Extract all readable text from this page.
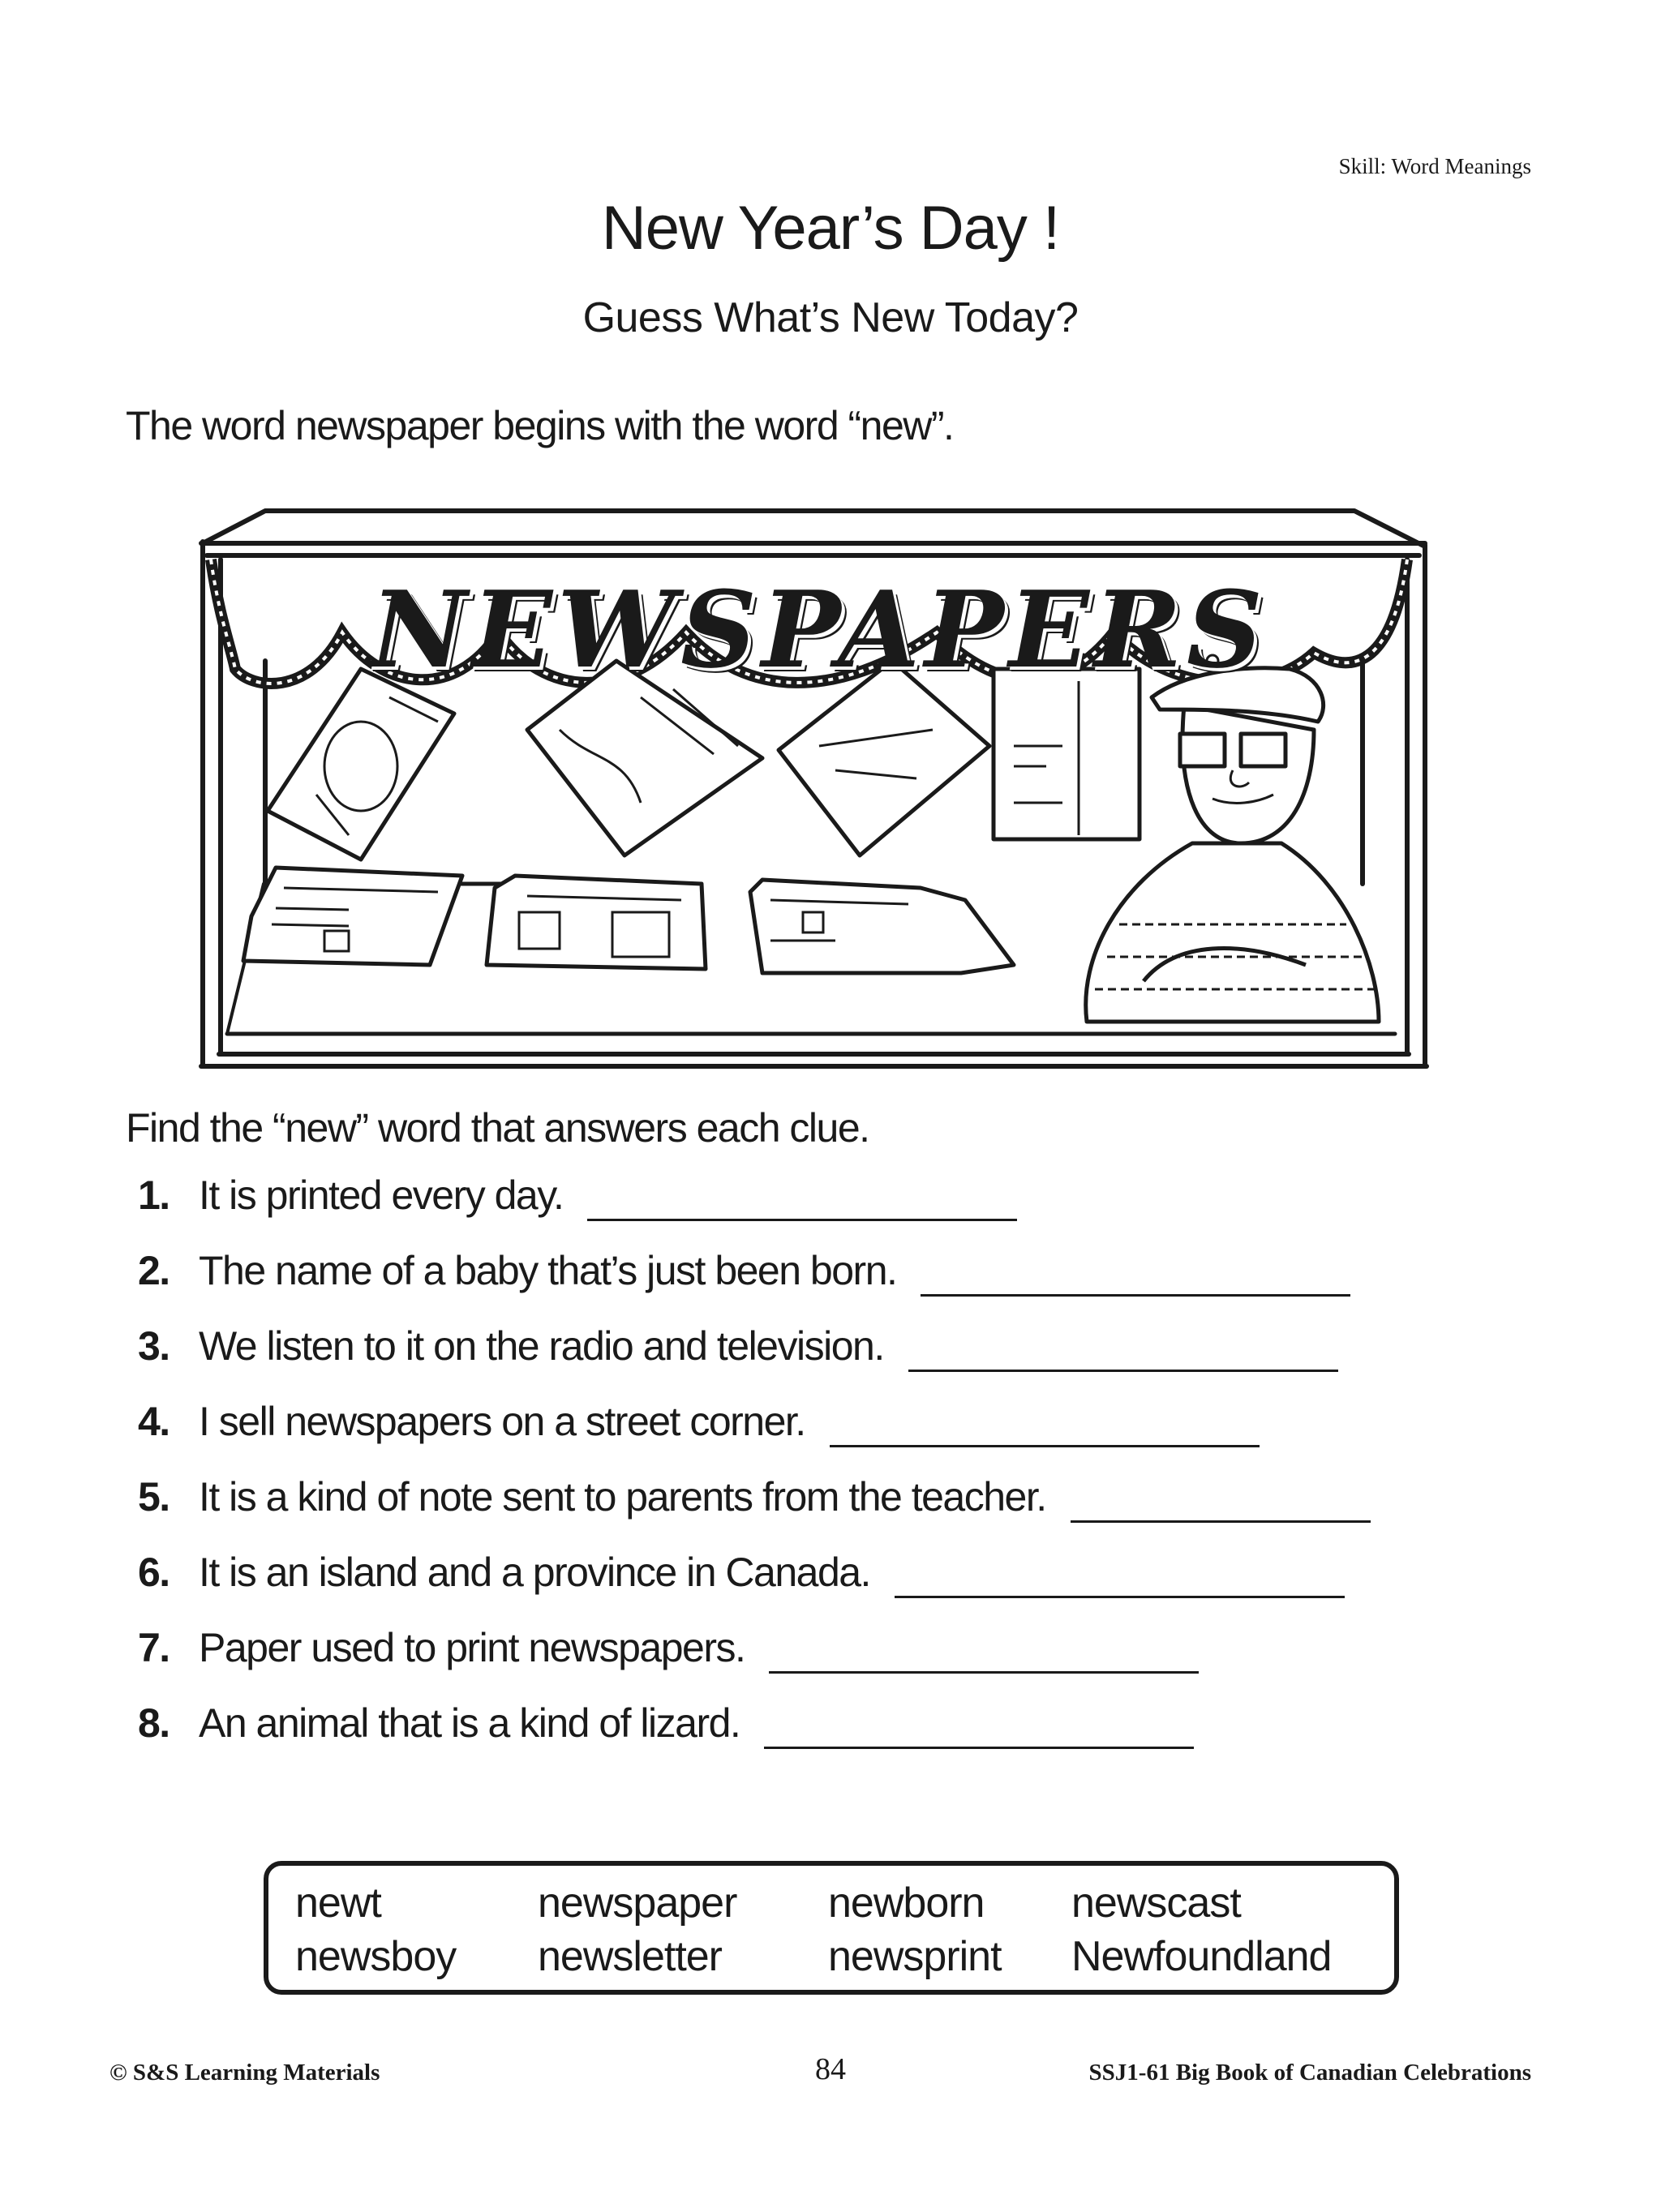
Skill: Word Meanings
New Year’s Day !
Guess What’s New Today?
The word newspaper begins with the word “new”.
NEWSPAPERS
Find the “new” word that answers each clue.
1. It is printed every day.
2. The name of a baby that’s just been born.
3. We listen to it on the radio and television.
4. I sell newspapers on a street corner.
5. It is a kind of note sent to parents from the teacher.
6. It is an island and a province in Canada.
7. Paper used to print newspapers.
8. An animal that is a kind of lizard.
newt	newspaper newborn newscast
newsboy newsletter	newsprint Newfoundland
© S&S Learning Materials	84	SSJ1-61 Big Book of Canadian Celebrations
